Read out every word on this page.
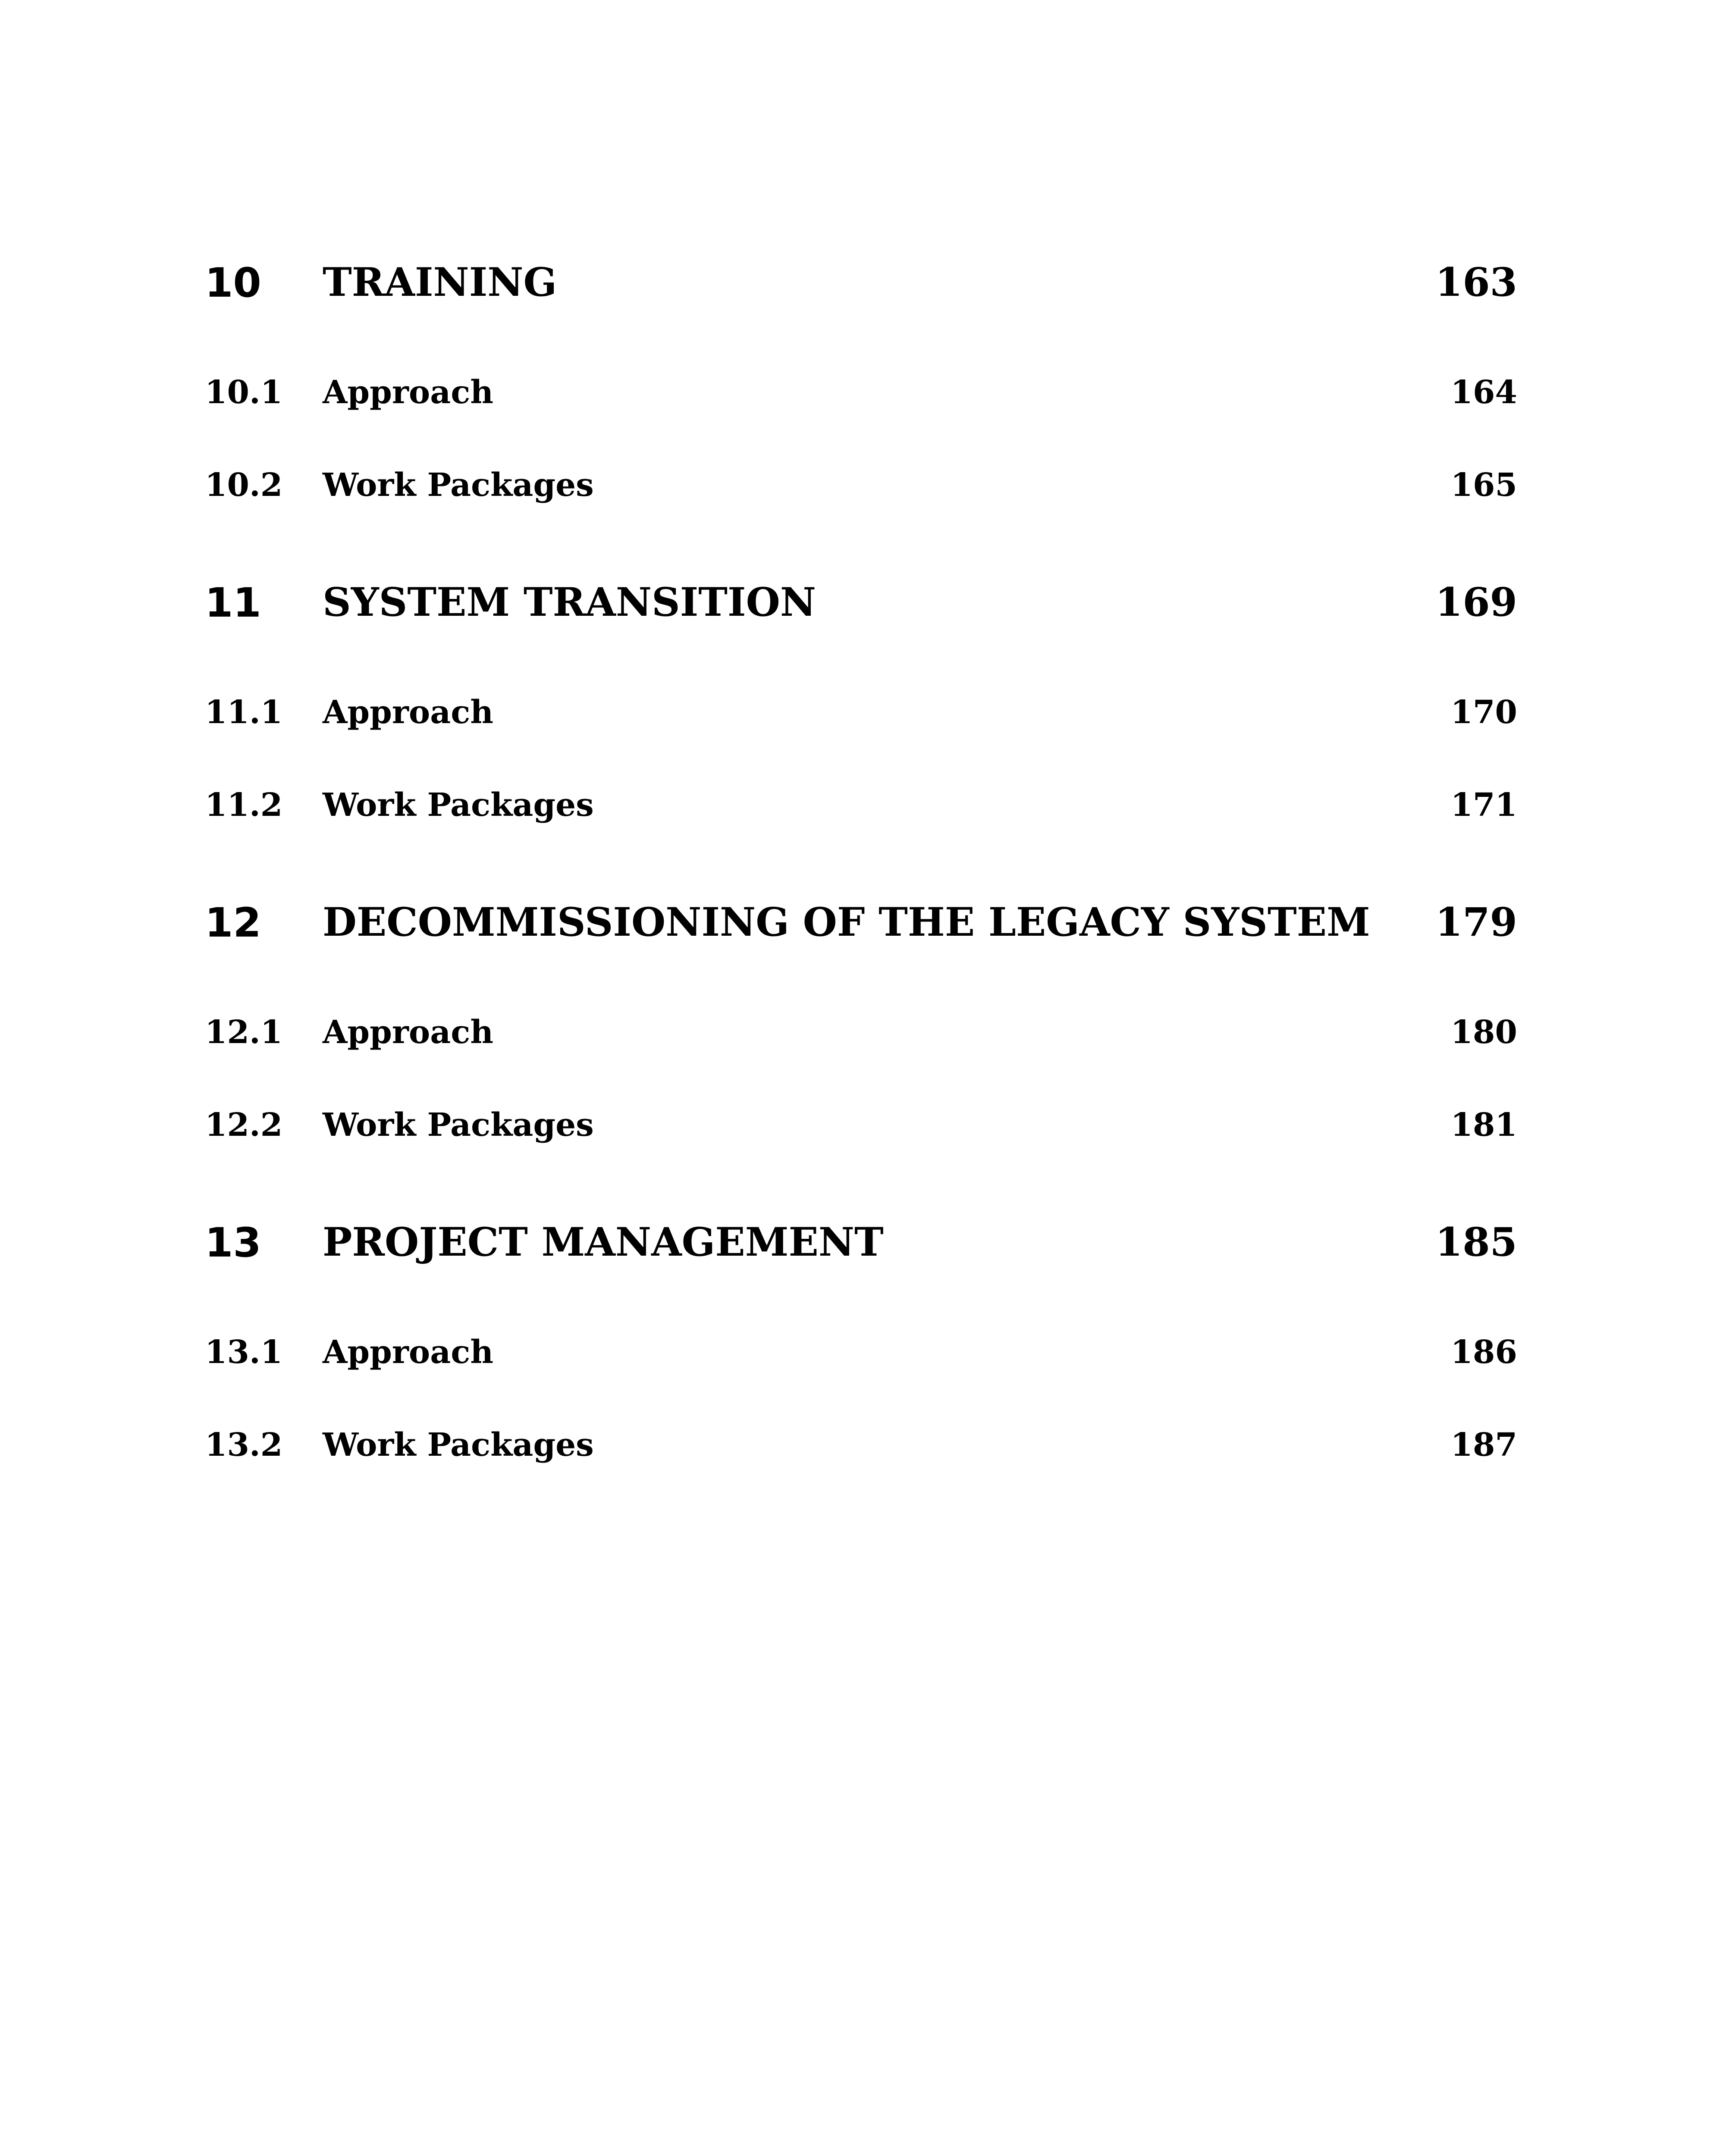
10 TRAINING	163
10.1 Approach	164
10.2 Work Packages	165
11 SYSTEM TRANSITION	169
11.1 Approach	170
11.2 Work Packages	171
12 DECOMMISSIONING OF THE LEGACY SYSTEM 179
12.1 Approach	180
12.2 Work Packages	181
13 PROJECT MANAGEMENT	185
13.1 Approach	186
13.2 Work Packages	187
